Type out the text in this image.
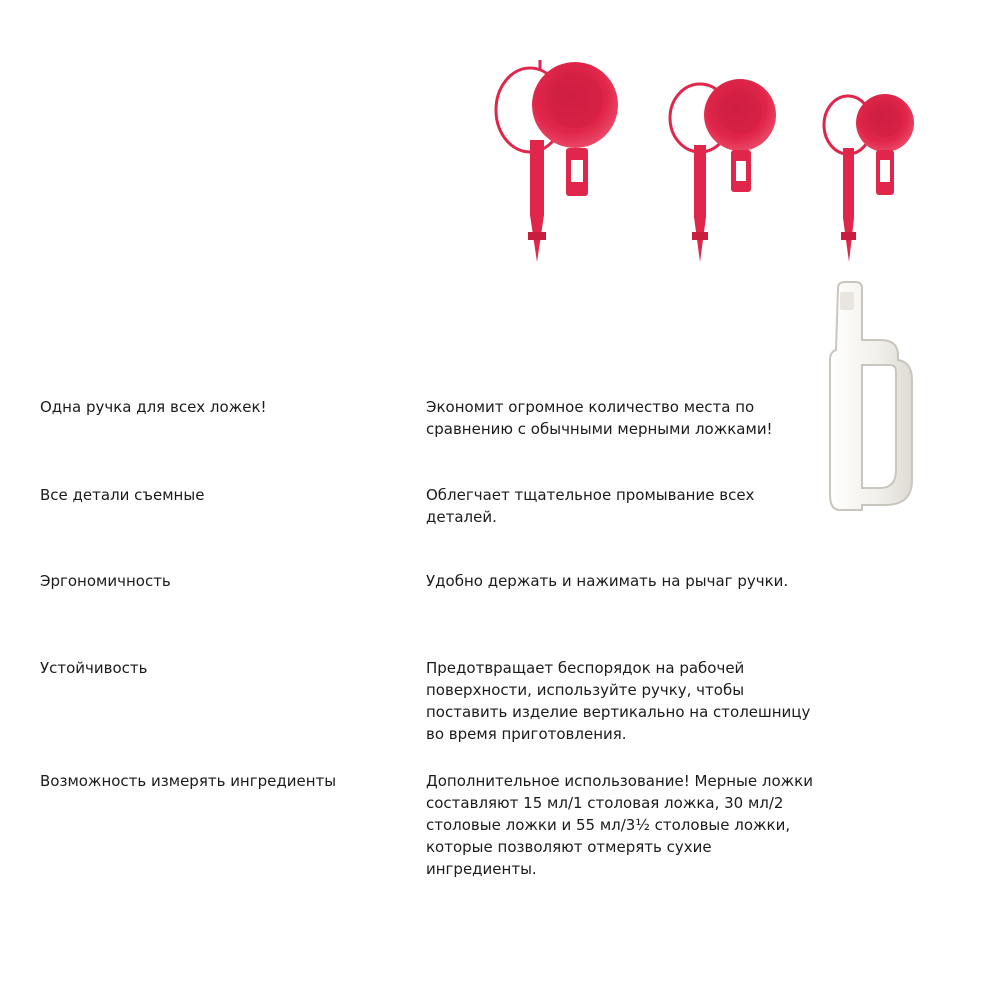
Одна ручка для всех ложек!	Экономит огромное количество места по сравнению с обычными мерными ложками!
Все детали съемные	Облегчает тщательное промывание всех деталей.
Эргономичность	Удобно держать и нажимать на рычаг ручки.
Устойчивость	Предотвращает беспорядок на рабочей поверхности, используйте ручку, чтобы поставить изделие вертикально на столешницу во время приготовления.
Возможность измерять ингредиенты	Дополнительное использование! Мерные ложки составляют 15 мл/1 столовая ложка, 30 мл/2 столовые ложки и 55 мл/3½ столовые ложки, которые позволяют отмерять сухие ингредиенты.
